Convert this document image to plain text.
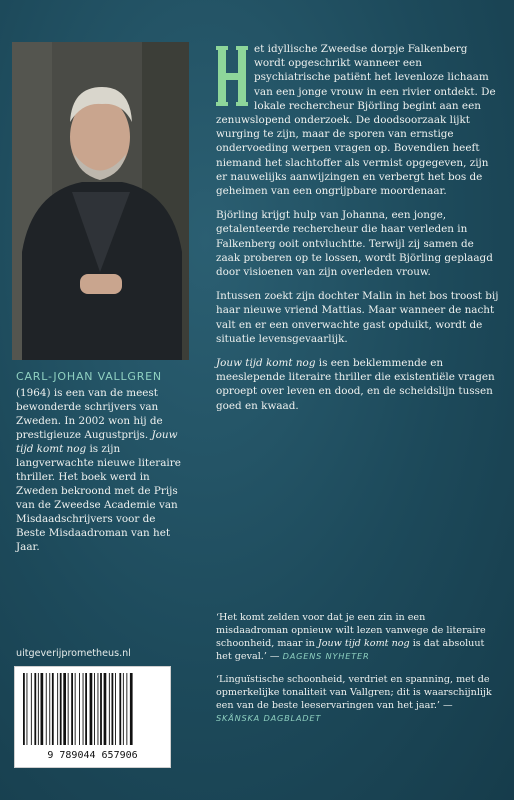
CARL-JOHAN VALLGREN

(1964) is een van de meest bewonderde schrijvers van Zweden. In 2002 won hij de prestigieuze Augustprijs. Jouw tijd komt nog is zijn langverwachte nieuwe literaire thriller. Het boek werd in Zweden bekroond met de Prijs van de Zweedse Academie van Misdaadschrijvers voor de Beste Misdaadroman van het Jaar.

et idyllische Zweedse dorpje Falkenberg wordt opgeschrikt wanneer een psychiatrische patiënt het levenloze lichaam van een jonge vrouw in een rivier ontdekt. De lokale rechercheur Björling begint aan een zenuwslopend onderzoek. De doodsoorzaak lijkt wurging te zijn, maar de sporen van ernstige ondervoeding werpen vragen op. Bovendien heeft niemand het slachtoffer als vermist opgegeven, zijn er nauwelijks aanwijzingen en verbergt het bos de geheimen van een ongrijpbare moordenaar.

Björling krijgt hulp van Johanna, een jonge, getalenteerde rechercheur die haar verleden in Falkenberg ooit ontvluchtte. Terwijl zij samen de zaak proberen op te lossen, wordt Björling geplaagd door visioenen van zijn overleden vrouw.

Intussen zoekt zijn dochter Malin in het bos troost bij haar nieuwe vriend Mattias. Maar wanneer de nacht valt en er een onverwachte gast opduikt, wordt de situatie levensgevaarlijk.

Jouw tijd komt nog is een beklemmende en meeslepende literaire thriller die existentiële vragen oproept over leven en dood, en de scheidslijn tussen goed en kwaad.

‘Het komt zelden voor dat je een zin in een misdaadroman opnieuw wilt lezen vanwege de literaire schoonheid, maar in Jouw tijd komt nog is dat absoluut het geval.’ — DAGENS NYHETER

‘Linguïstische schoonheid, verdriet en spanning, met de opmerkelijke tonaliteit van Vallgren; dit is waarschijnlijk een van de beste leeservaringen van het jaar.’ — SKÅNSKA DAGBLADET

uitgeverijprometheus.nl
9 789044 657906
